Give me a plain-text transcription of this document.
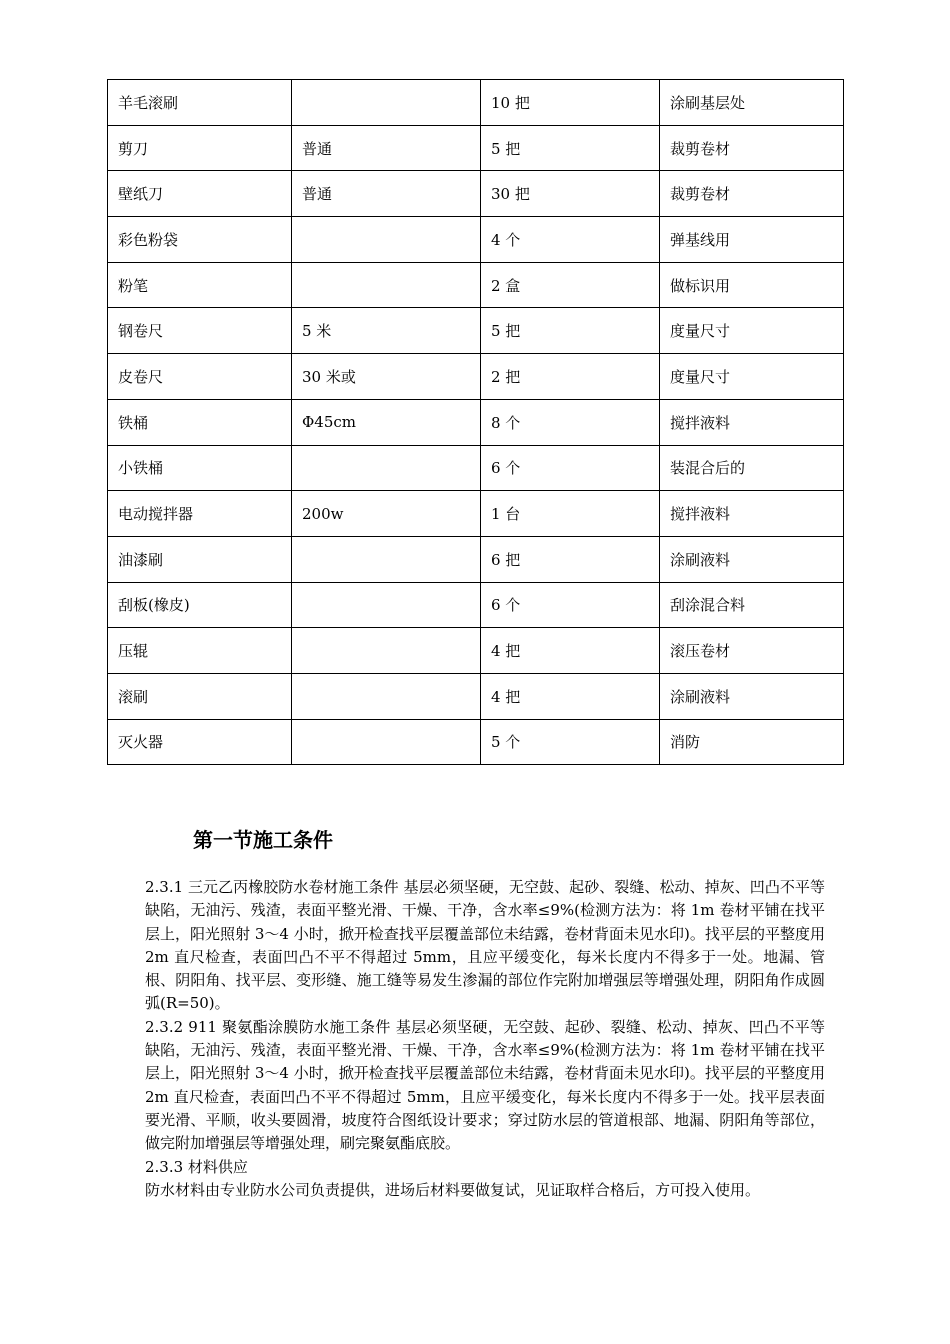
羊毛滚刷		10 把	涂刷基层处
剪刀	普通	5 把	裁剪卷材
壁纸刀	普通	30 把	裁剪卷材
彩色粉袋		4 个	弹基线用
粉笔		2 盒	做标识用
钢卷尺	5 米	5 把	度量尺寸
皮卷尺	30 米或	2 把	度量尺寸
铁桶	Φ45cm	8 个	搅拌液料
小铁桶		6 个	装混合后的
电动搅拌器	200w	1 台	搅拌液料
油漆刷		6 把	涂刷液料
刮板(橡皮)		6 个	刮涂混合料
压辊		4 把	滚压卷材
滚刷		4 把	涂刷液料
灭火器		5 个	消防
第一节施工条件

2.3.1 三元乙丙橡胶防水卷材施工条件 基层必须坚硬，无空鼓、起砂、裂缝、松动、掉灰、凹凸不平等缺陷，无油污、残渣，表面平整光滑、干燥、干净，含水率≤9%(检测方法为：将 1m 卷材平铺在找平层上，阳光照射 3～4 小时，掀开检查找平层覆盖部位未结露，卷材背面未见水印)。找平层的平整度用 2m 直尺检查，表面凹凸不平不得超过 5mm，且应平缓变化，每米长度内不得多于一处。地漏、管根、阴阳角、找平层、变形缝、施工缝等易发生渗漏的部位作完附加增强层等增强处理，阴阳角作成圆弧(R=50)。

2.3.2 911 聚氨酯涂膜防水施工条件 基层必须坚硬，无空鼓、起砂、裂缝、松动、掉灰、凹凸不平等缺陷，无油污、残渣，表面平整光滑、干燥、干净，含水率≤9%(检测方法为：将 1m 卷材平铺在找平层上，阳光照射 3～4 小时，掀开检查找平层覆盖部位未结露，卷材背面未见水印)。找平层的平整度用 2m 直尺检查，表面凹凸不平不得超过 5mm，且应平缓变化，每米长度内不得多于一处。找平层表面要光滑、平顺，收头要圆滑，坡度符合图纸设计要求；穿过防水层的管道根部、地漏、阴阳角等部位，做完附加增强层等增强处理，刷完聚氨酯底胶。

2.3.3 材料供应

防水材料由专业防水公司负责提供，进场后材料要做复试，见证取样合格后，方可投入使用。
